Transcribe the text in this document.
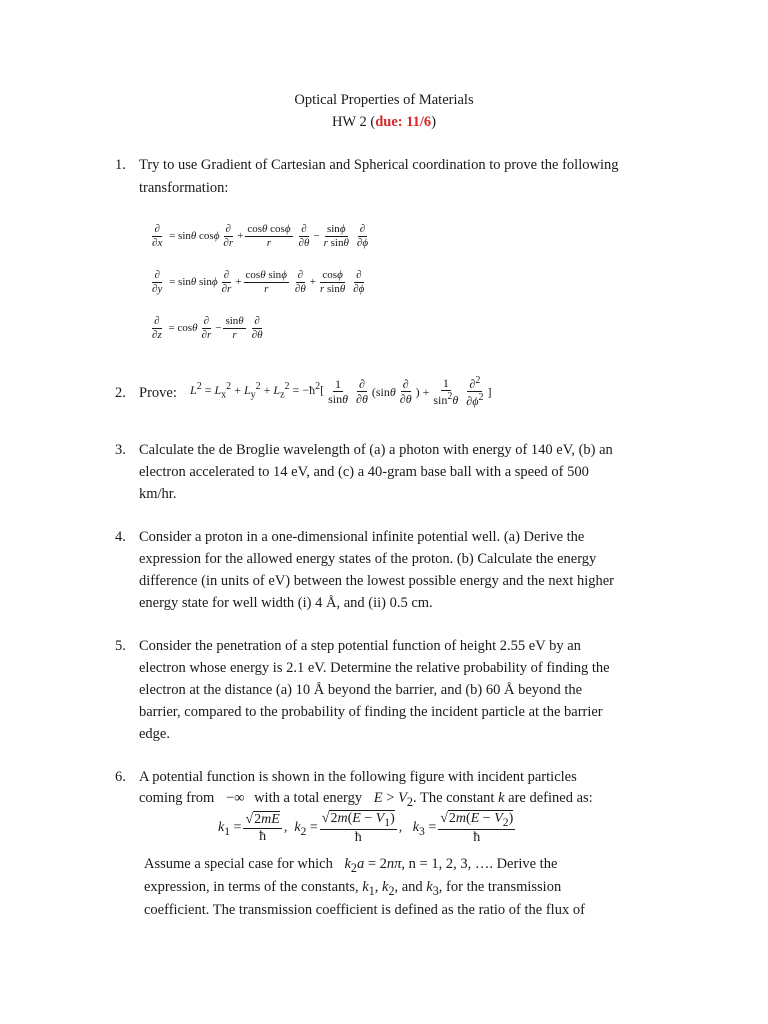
Optical Properties of Materials
HW 2 (due: 11/6)
1. Try to use Gradient of Cartesian and Spherical coordination to prove the following
transformation:
$\frac{\partial}{\partial x} = \sin\theta$ cosϕ $\frac{\partial}{\partial r} + \frac{\text{cosθ cosϕ}}{r} \frac{\partial}{\partial\theta} - \frac{\sin\phi}{\text{r sinθ}} \frac{\partial}{\partial\phi}$
$\frac{\partial}{\partial y} = \sin\theta$ sinϕ $\frac{\partial}{\partial r} + \frac{\text{cosθ sinϕ}}{r} \frac{\partial}{\partial\theta} + \frac{\cos\phi}{\text{r sinθ}} \frac{\partial}{\partial\phi}$
$\frac{\partial}{\partial z} = \cos\theta \frac{\partial}{\partial r} - \frac{\sin\theta}{r} \frac{\partial}{\partial\theta}$
2. Prove: $L^2 = L_x^2 + L_y^2 + L_z^2$ = $-ħ^2[ \frac{1}{\sin\theta} \frac{\partial}{\partial\theta} (\sin\theta \frac{\partial}{\partial\theta}$ ) + $\frac{1}{\sin^2\theta} \frac{\partial^2}{\partial\phi^2}$ ]
3. Calculate the de Broglie wavelength of (a) a photon with energy of 140 eV, (b) an
electron accelerated to 14 eV, and (c) a 40-gram base ball with a speed of 500
km/hr.
4. Consider a proton in a one-dimensional infinite potential well. (a) Derive the
expression for the allowed energy states of the proton. (b) Calculate the energy
difference (in units of eV) between the lowest possible energy and the next higher
energy state for well width (i) 4 Å, and (ii) 0.5 cm.
5. Consider the penetration of a step potential function of height 2.55 eV by an
electron whose energy is 2.1 eV. Determine the relative probability of finding the
electron at the distance (a) 10 Å beyond the barrier, and (b) 60 Å beyond the
barrier, compared to the probability of finding the incident particle at the barrier
edge.
6. A potential function is shown in the following figure with incident particles
coming from −∞ with a total energy $E > V_2$. The constant k are defined as:
$k_1 = \frac{√2mE}{ħ}$ ,  $k_2 = \frac{√2m(E - V_1)}{ħ}$ ,   $k_3 = \frac{√2m(E - V_2)}{ħ}$
Assume a special case for which $k_2a = 2n\pi$, n = 1, 2, 3, …. Derive the
expression, in terms of the constants, $k_1$, $k_2$, and $k_3$, for the transmission
coefficient. The transmission coefficient is defined as the ratio of the flux of
